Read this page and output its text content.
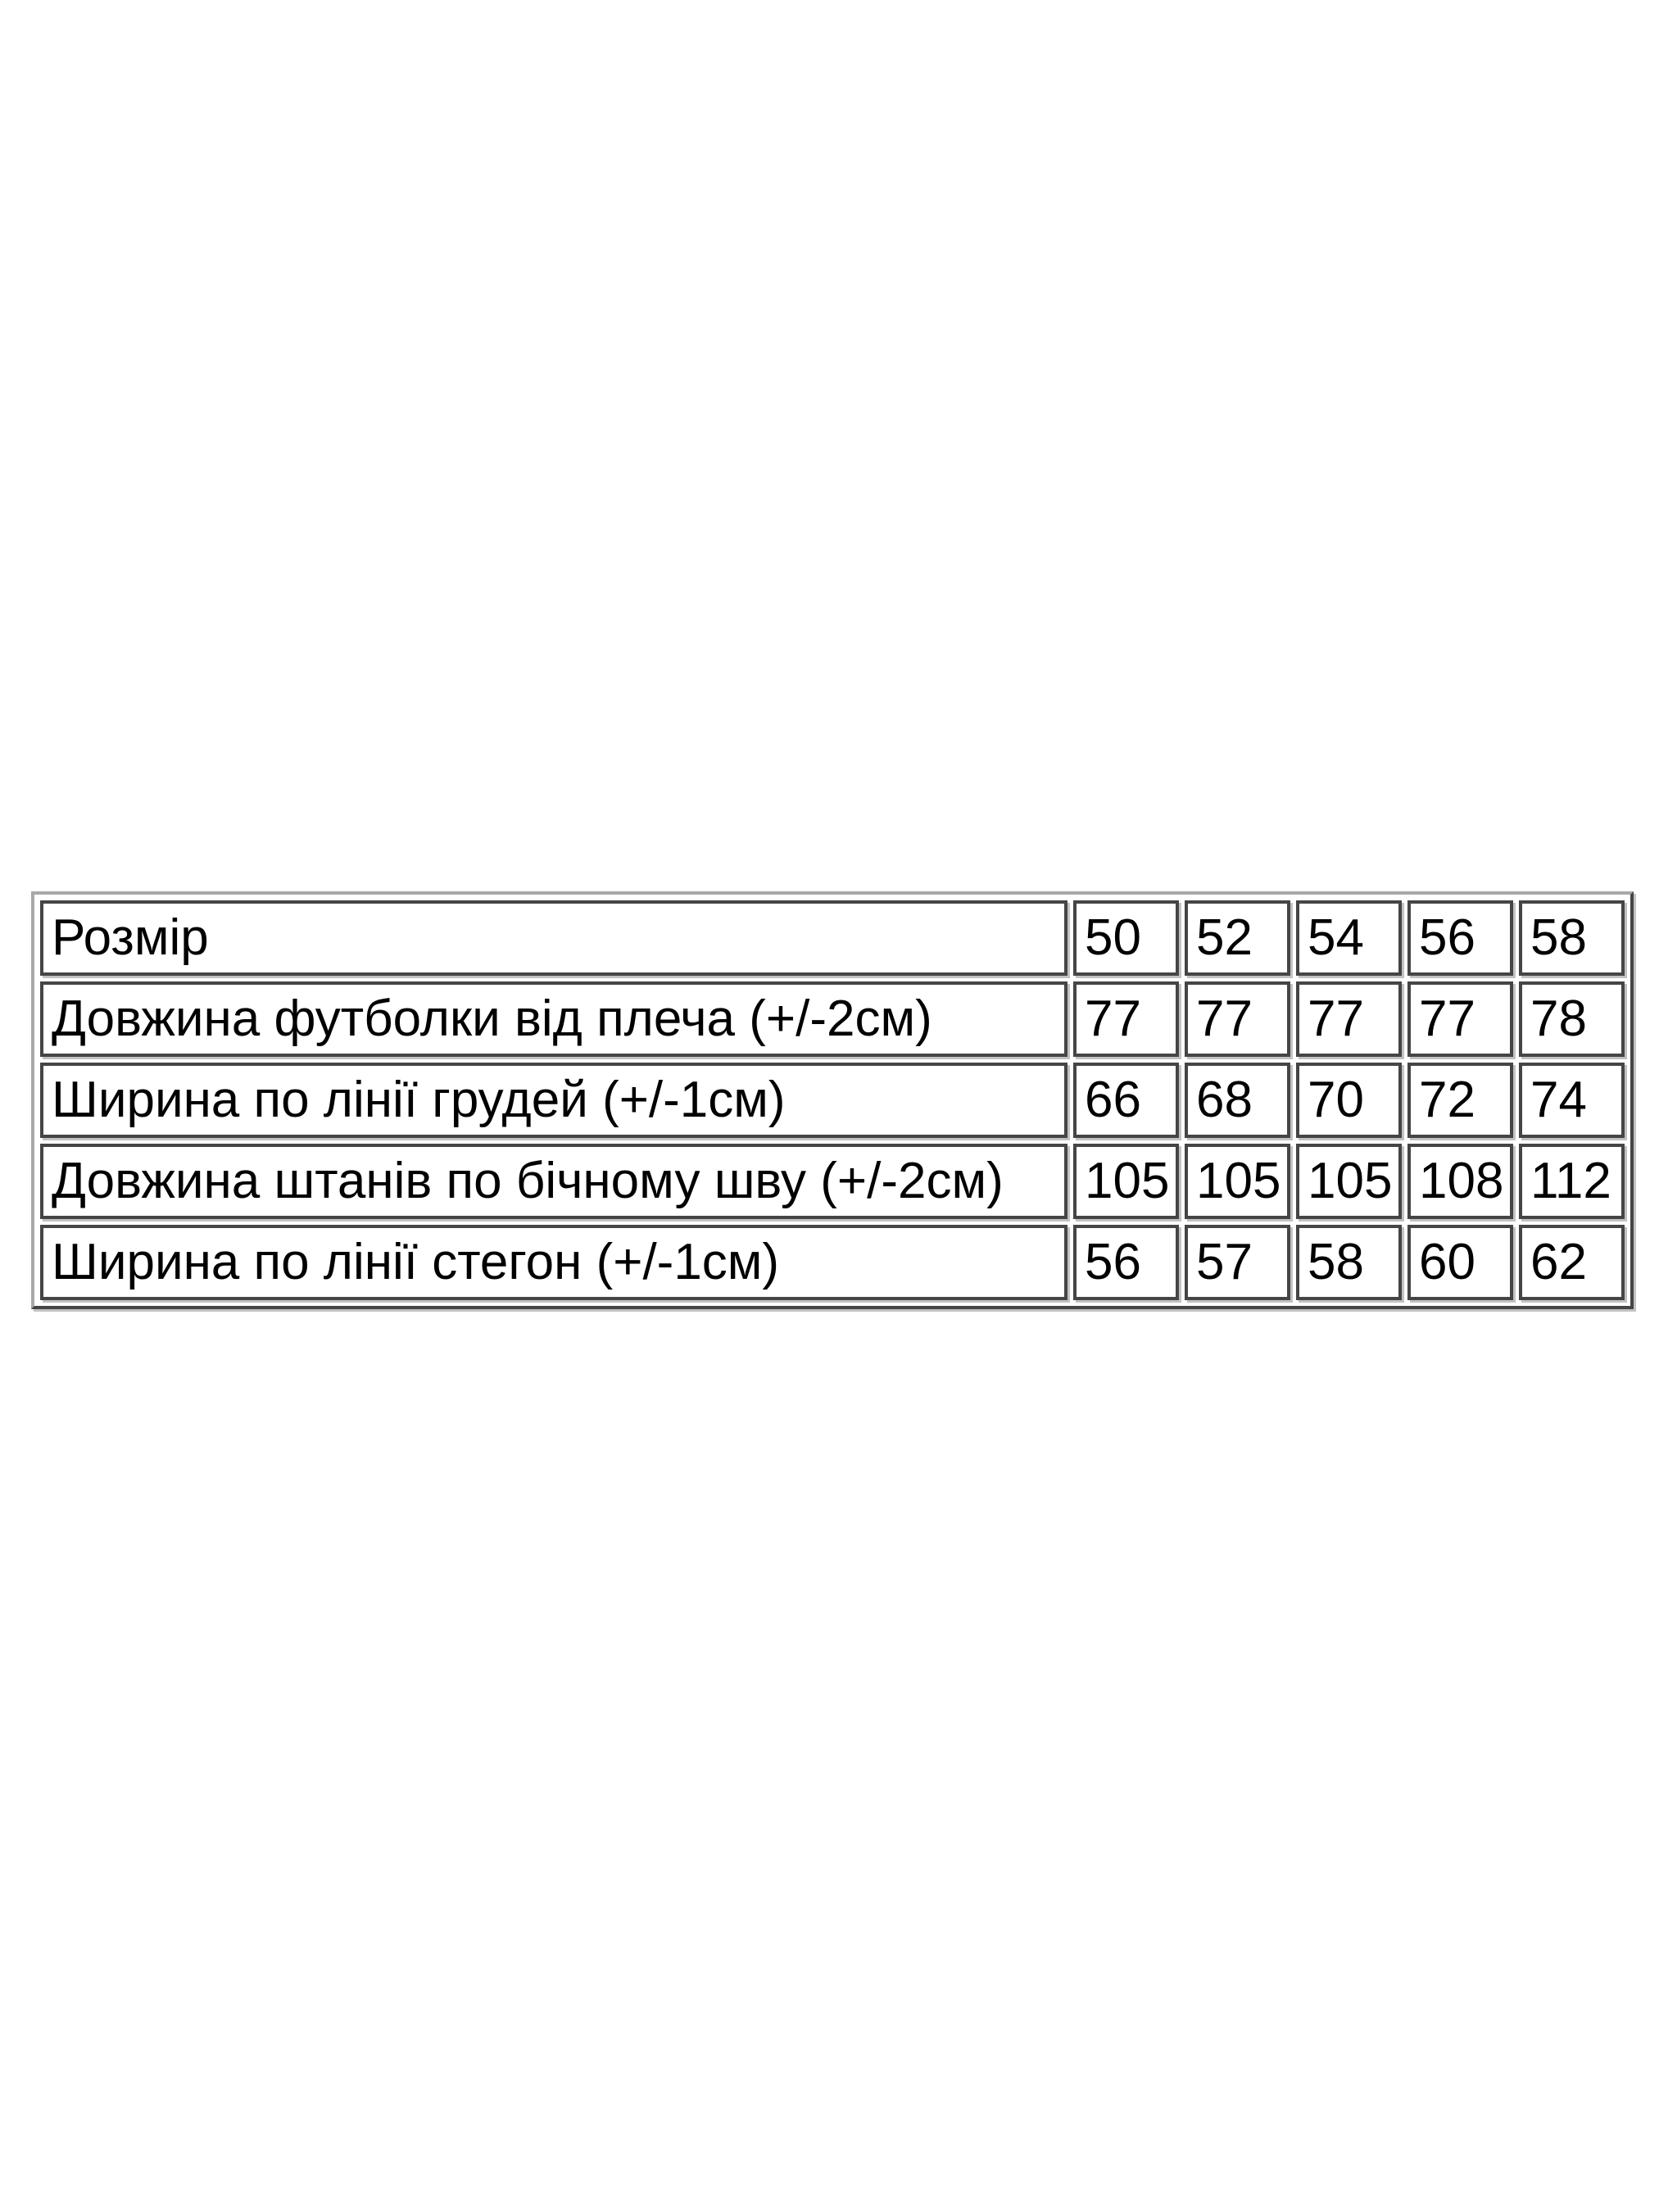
Розмір	50	52	54	56	58
Довжина футболки від плеча (+/-2см)	77	77	77	77	78
Ширина по лінії грудей (+/-1см)	66	68	70	72	74
Довжина штанів по бічному шву (+/-2см)	105	105	105	108	112
Ширина по лінії стегон (+/-1см)	56	57	58	60	62
